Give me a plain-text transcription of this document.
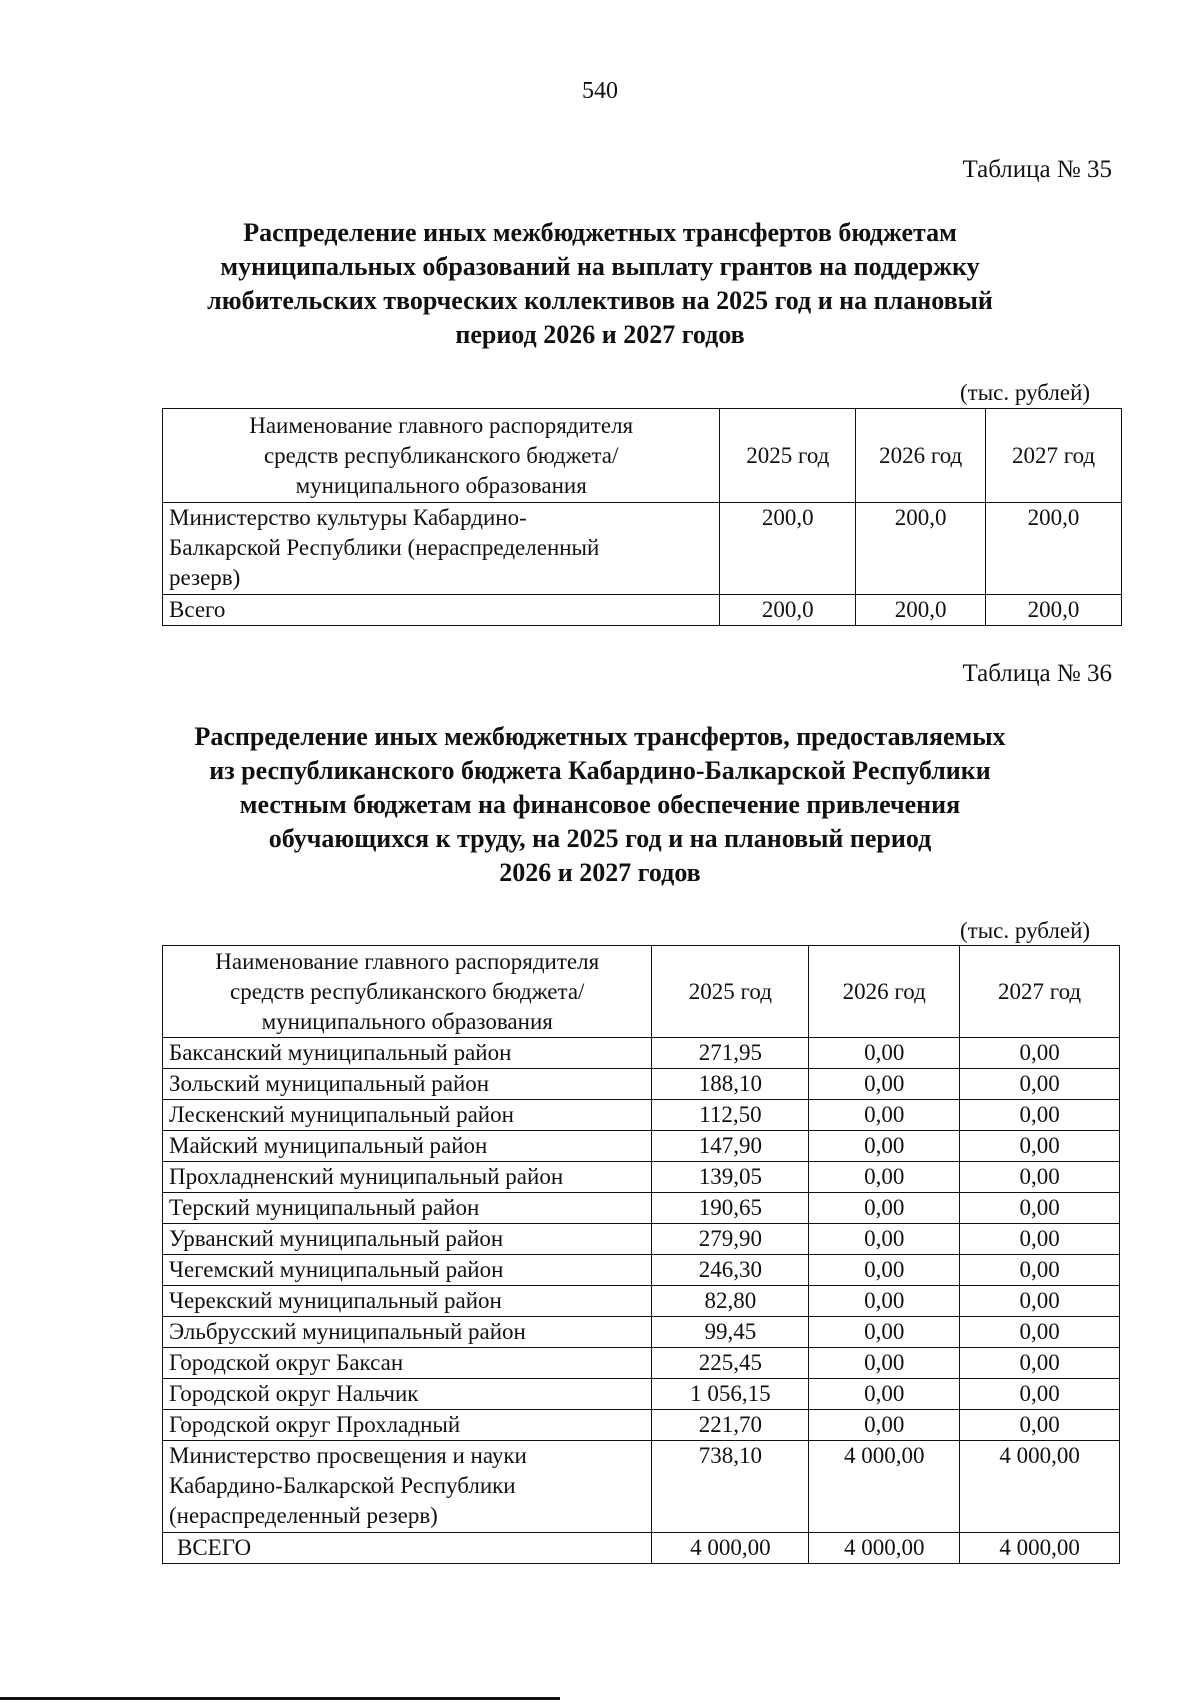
540
Таблица № 35
Распределение иных межбюджетных трансфертов бюджетам
муниципальных образований на выплату грантов на поддержку
любительских творческих коллективов на 2025 год и на плановый
период 2026 и 2027 годов
(тыс. рублей)
Наименование главного распорядителя
средств республиканского бюджета/
муниципального образования	2025 год	2026 год	2027 год

Министерство культуры Кабардино-
Балкарской Республики (нераспределенный
резерв)	200,0	200,0	200,0
Всего	200,0	200,0	200,0
Таблица № 36
Распределение иных межбюджетных трансфертов, предоставляемых
из республиканского бюджета Кабардино-Балкарской Республики
местным бюджетам на финансовое обеспечение привлечения
обучающихся к труду, на 2025 год и на плановый период
2026 и 2027 годов
(тыс. рублей)
Наименование главного распорядителя
средств республиканского бюджета/
муниципального образования	2025 год	2026 год	2027 год
Баксанский муниципальный район	271,95	0,00	0,00
Зольский муниципальный район	188,10	0,00	0,00
Лескенский муниципальный район	112,50	0,00	0,00
Майский муниципальный район	147,90	0,00	0,00
Прохладненский муниципальный район	139,05	0,00	0,00
Терский муниципальный район	190,65	0,00	0,00
Урванский муниципальный район	279,90	0,00	0,00
Чегемский муниципальный район	246,30	0,00	0,00
Черекский муниципальный район	82,80	0,00	0,00
Эльбрусский муниципальный район	99,45	0,00	0,00
Городской округ Баксан	225,45	0,00	0,00
Городской округ Нальчик	1 056,15	0,00	0,00
Городской округ Прохладный	221,70	0,00	0,00

Министерство просвещения и науки
Кабардино-Балкарской Республики
(нераспределенный резерв)	738,10	4 000,00	4 000,00
ВСЕГО	4 000,00	4 000,00	4 000,00
